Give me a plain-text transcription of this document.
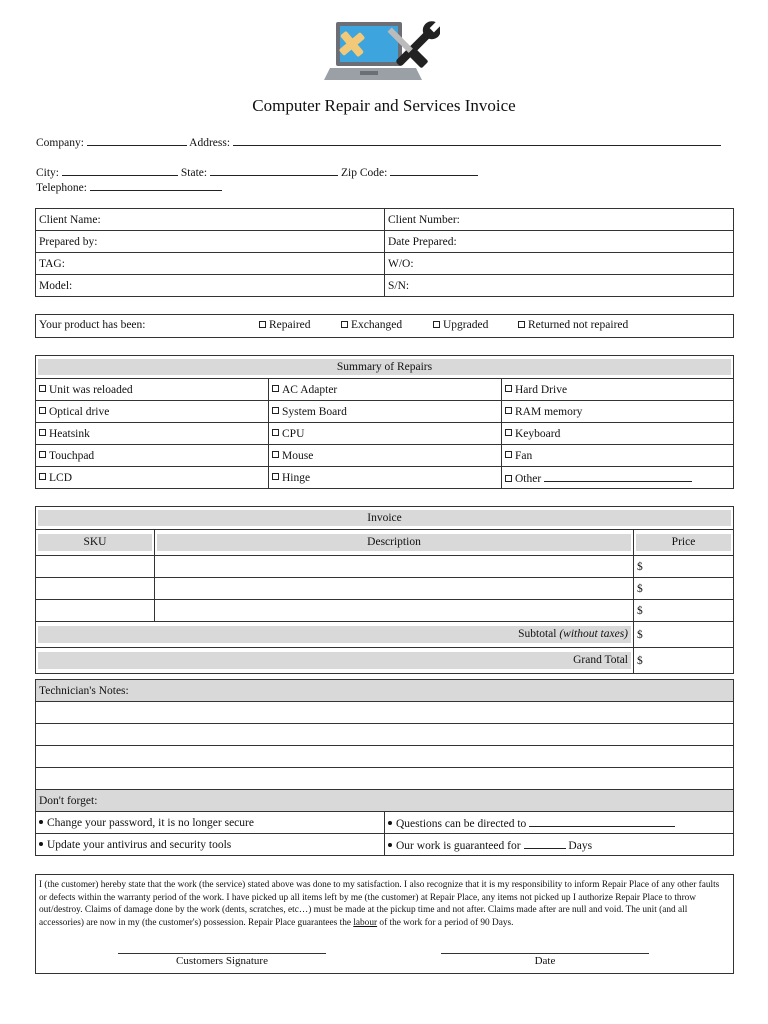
Computer Repair and Services Invoice
Company:	Address:
City:	State:	Zip Code:
Telephone:
Client Name:	Client Number:
Prepared by:	Date Prepared:
TAG:	W/O:
Model:	S/N:
Your product has been:	Repaired	Exchanged	Upgraded	Returned not repaired
Summary of Repairs		

Unit was reloaded	AC Adapter	Hard Drive
Optical drive	System Board	RAM memory
Heatsink	CPU	Keyboard
Touchpad	Mouse	Fan
LCD	Hinge	Other
Invoice		

SKU	Description	Price

		$
		$
		$

Subtotal (without taxes)		$

Grand Total		$
Technician's Notes:	

Don't forget:	
Change your password, it is no longer secure	Questions can be directed to
Update your antivirus and security tools	Our work is guaranteed for Days
I (the customer) hereby state that the work (the service) stated above was done to my satisfaction. I also recognize that it is my responsibility to inform Repair Place of any other faults or defects within the warranty period of the work. I have picked up all items left by me (the customer) at Repair Place, any items not picked up I authorize Repair Place to throw out/destroy. Claims of damage done by the work (dents, scratches, etc…) must be made at the pickup time and not after. Claims made after are null and void. The unit (and all accessories) are now in my (the customer's) possession. Repair Place guarantees the labour of the work for a period of 90 Days.
Customers Signature	Date
